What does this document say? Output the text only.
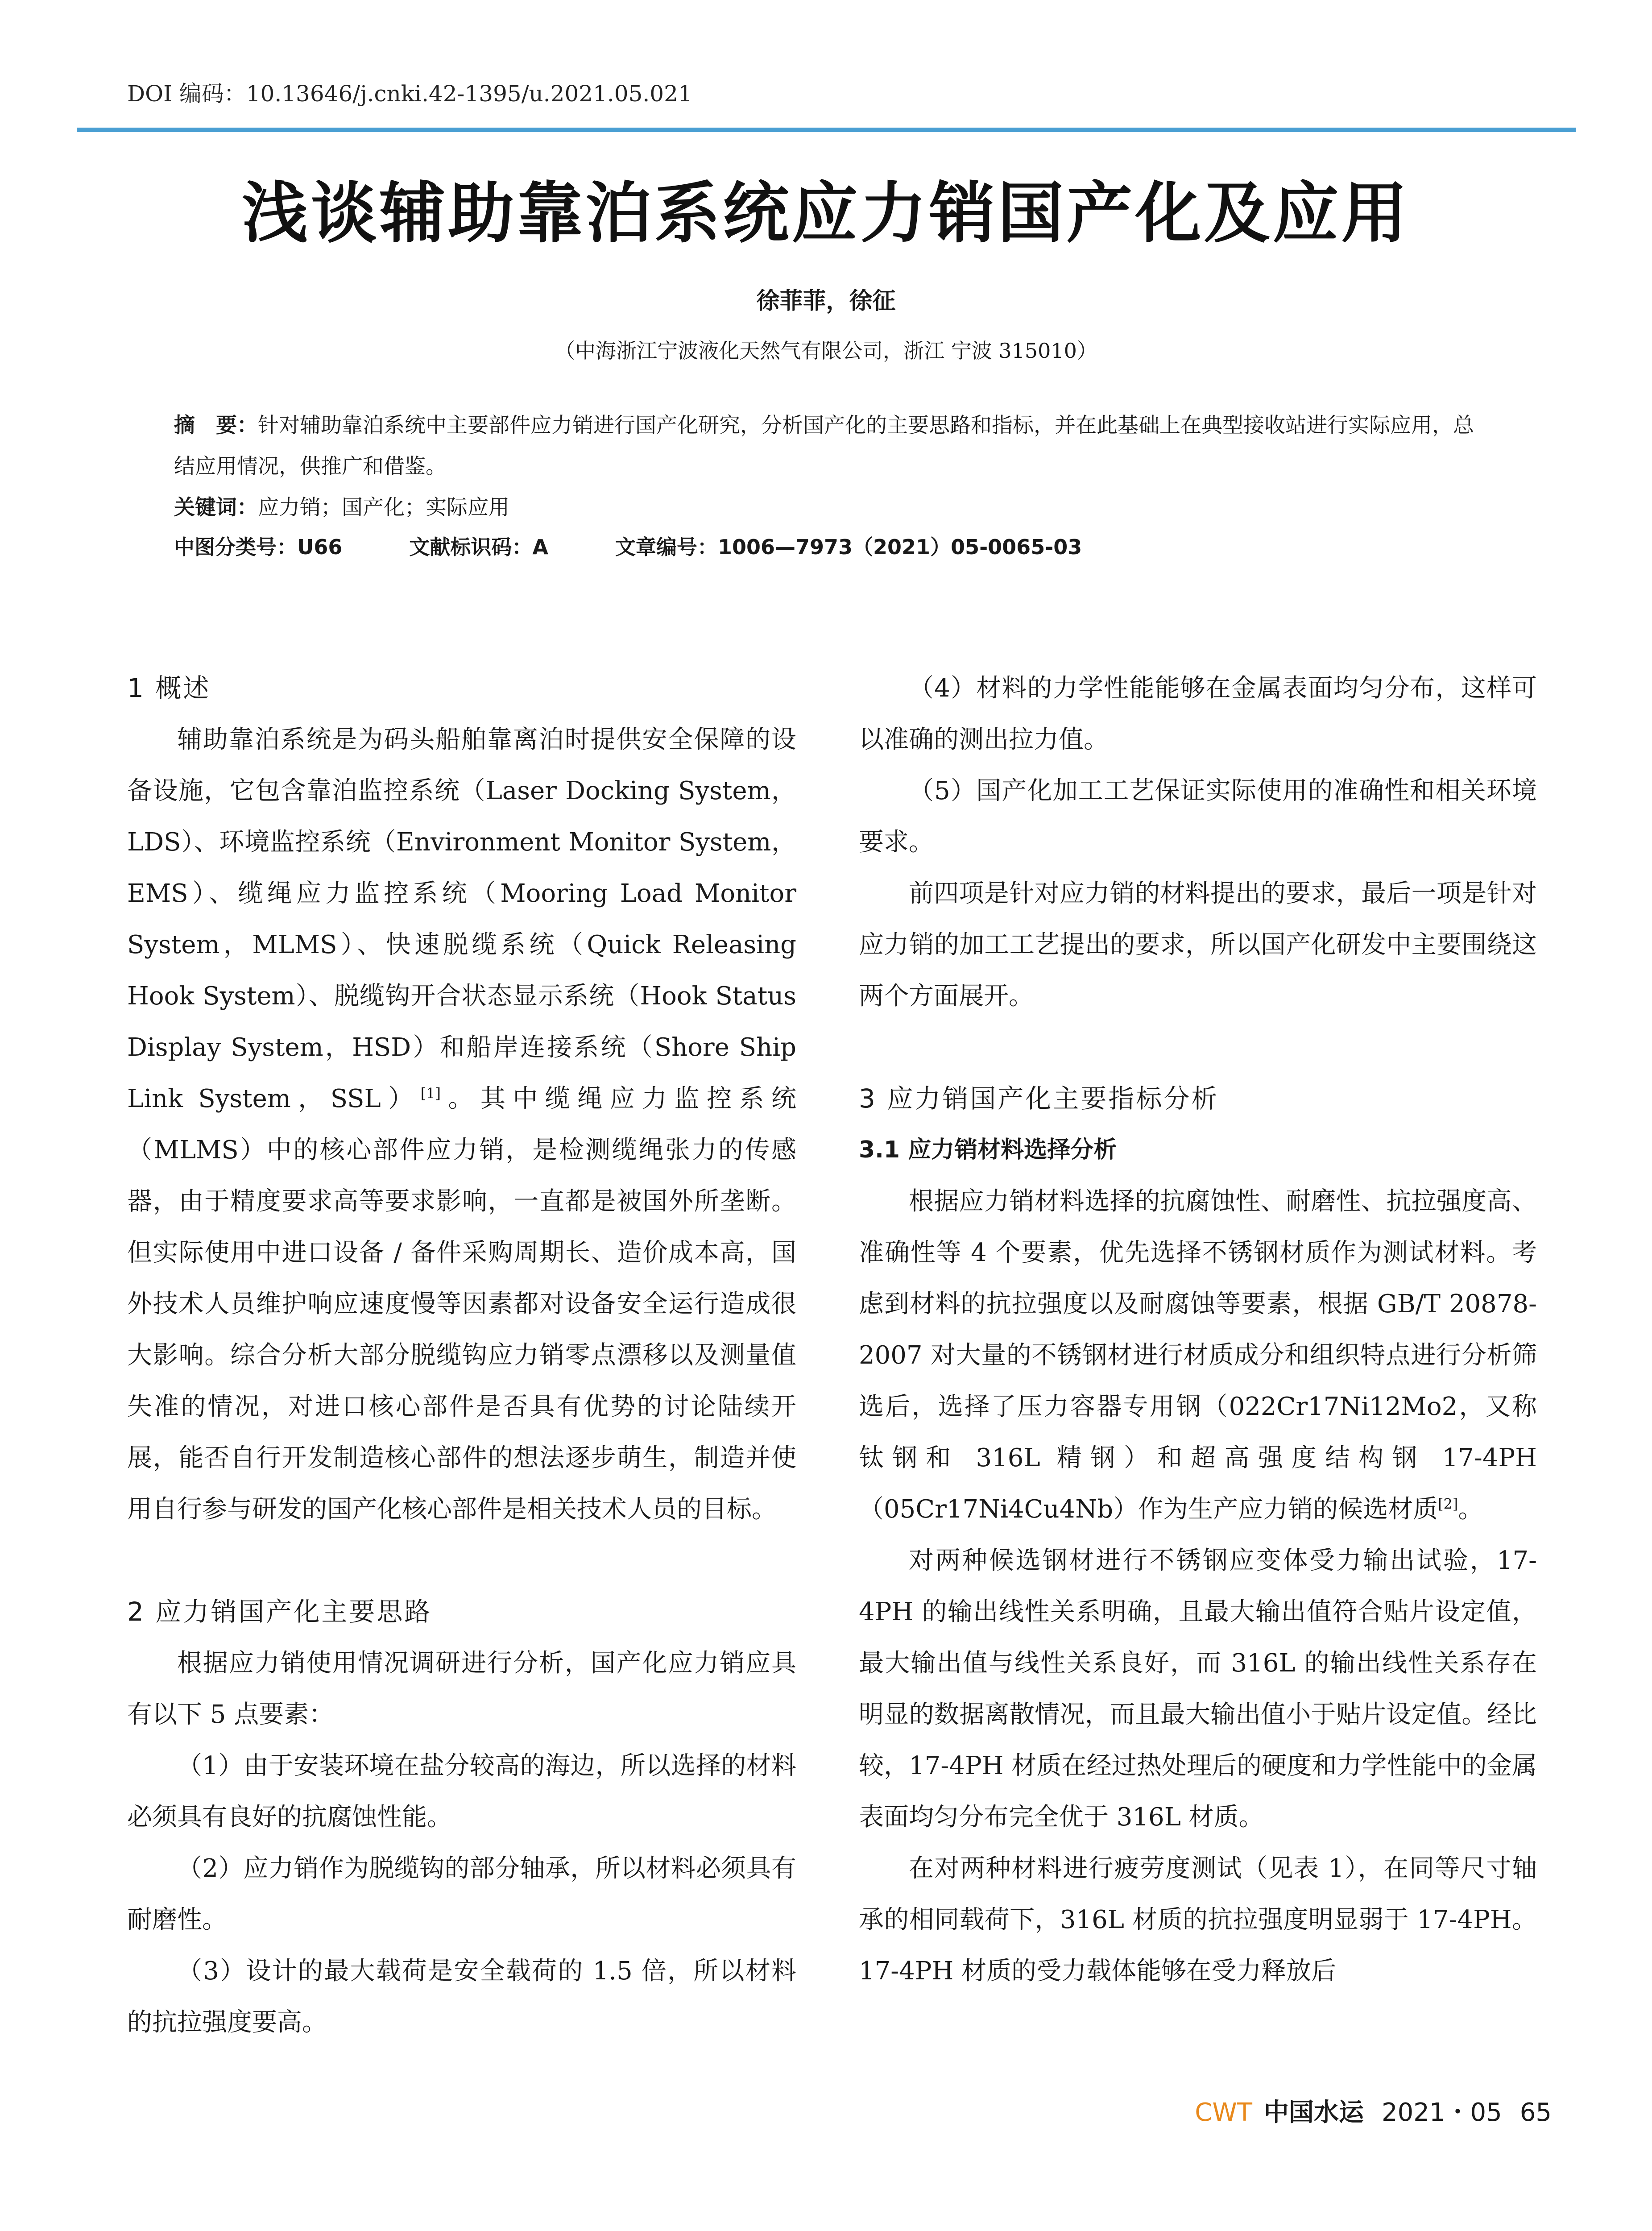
DOI 编码：10.13646/j.cnki.42-1395/u.2021.05.021
浅谈辅助靠泊系统应力销国产化及应用
徐菲菲，徐征
（中海浙江宁波液化天然气有限公司，浙江 宁波 315010）
摘　要：针对辅助靠泊系统中主要部件应力销进行国产化研究，分析国产化的主要思路和指标，并在此基础上在典型接收站进行实际应用，总结应用情况，供推广和借鉴。
关键词：应力销；国产化；实际应用
中图分类号：U66	文献标识码：A	文章编号：1006—7973（2021）05-0065-03
1 概述

辅助靠泊系统是为码头船舶靠离泊时提供安全保障的设备设施，它包含靠泊监控系统（Laser Docking System，LDS）、环境监控系统（Environment Monitor System，EMS）、缆绳应力监控系统（Mooring Load Monitor System，MLMS）、快速脱缆系统（Quick Releasing Hook System）、脱缆钩开合状态显示系统（Hook Status Display System，HSD）和船岸连接系统（Shore Ship Link System，SSL）[1]。其中缆绳应力监控系统（MLMS）中的核心部件应力销，是检测缆绳张力的传感器，由于精度要求高等要求影响，一直都是被国外所垄断。但实际使用中进口设备 / 备件采购周期长、造价成本高，国外技术人员维护响应速度慢等因素都对设备安全运行造成很大影响。综合分析大部分脱缆钩应力销零点漂移以及测量值失准的情况，对进口核心部件是否具有优势的讨论陆续开展，能否自行开发制造核心部件的想法逐步萌生，制造并使用自行参与研发的国产化核心部件是相关技术人员的目标。

2 应力销国产化主要思路

根据应力销使用情况调研进行分析，国产化应力销应具有以下 5 点要素：

（1）由于安装环境在盐分较高的海边，所以选择的材料必须具有良好的抗腐蚀性能。

（2）应力销作为脱缆钩的部分轴承，所以材料必须具有耐磨性。

（3）设计的最大载荷是安全载荷的 1.5 倍，所以材料的抗拉强度要高。

（4）材料的力学性能能够在金属表面均匀分布，这样可以准确的测出拉力值。

（5）国产化加工工艺保证实际使用的准确性和相关环境要求。

前四项是针对应力销的材料提出的要求，最后一项是针对应力销的加工工艺提出的要求，所以国产化研发中主要围绕这两个方面展开。

3 应力销国产化主要指标分析
3.1 应力销材料选择分析

根据应力销材料选择的抗腐蚀性、耐磨性、抗拉强度高、准确性等 4 个要素，优先选择不锈钢材质作为测试材料。考虑到材料的抗拉强度以及耐腐蚀等要素，根据 GB/T 20878-2007 对大量的不锈钢材进行材质成分和组织特点进行分析筛选后，选择了压力容器专用钢（022Cr17Ni12Mo2，又称钛钢和 316L 精钢）和超高强度结构钢 17-4PH（05Cr17Ni4Cu4Nb）作为生产应力销的候选材质[2]。

对两种候选钢材进行不锈钢应变体受力输出试验，17-4PH 的输出线性关系明确，且最大输出值符合贴片设定值，最大输出值与线性关系良好，而 316L 的输出线性关系存在明显的数据离散情况，而且最大输出值小于贴片设定值。经比较，17-4PH 材质在经过热处理后的硬度和力学性能中的金属表面均匀分布完全优于 316L 材质。

在对两种材料进行疲劳度测试（见表 1），在同等尺寸轴承的相同载荷下，316L 材质的抗拉强度明显弱于 17-4PH。17-4PH 材质的受力载体能够在受力释放后

CWT 中国水运 2021・05 65
